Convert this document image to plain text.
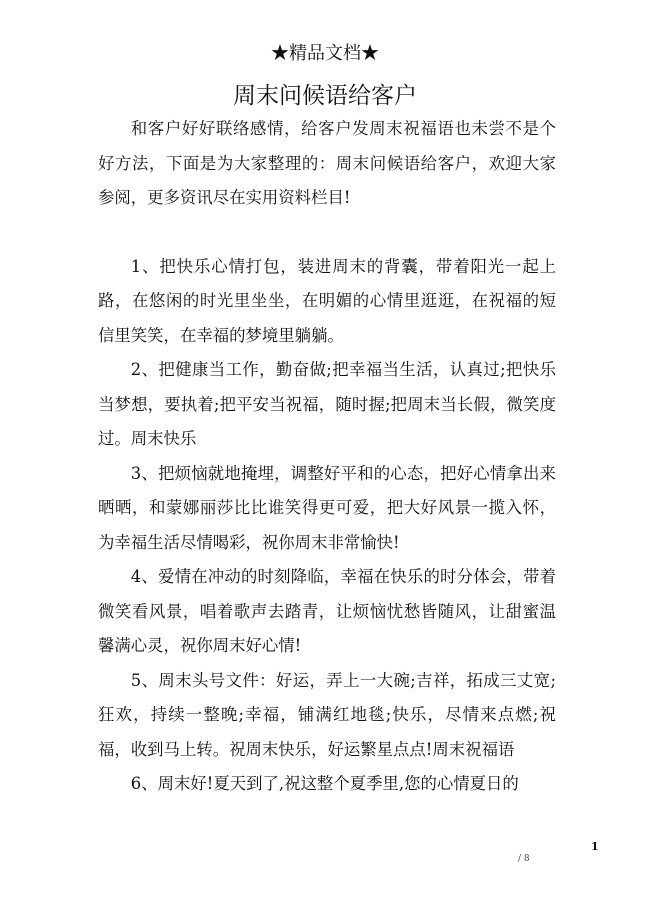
★精品文档★
周末问候语给客户

和客户好好联络感情，给客户发周末祝福语也未尝不是个好方法，下面是为大家整理的：周末问候语给客户，欢迎大家参阅，更多资讯尽在实用资料栏目!

1、把快乐心情打包，装进周末的背囊，带着阳光一起上路，在悠闲的时光里坐坐，在明媚的心情里逛逛，在祝福的短信里笑笑，在幸福的梦境里躺躺。

2、把健康当工作，勤奋做;把幸福当生活，认真过;把快乐当梦想，要执着;把平安当祝福，随时握;把周末当长假，微笑度过。周末快乐

3、把烦恼就地掩埋，调整好平和的心态，把好心情拿出来晒晒，和蒙娜丽莎比比谁笑得更可爱，把大好风景一揽入怀，为幸福生活尽情喝彩，祝你周末非常愉快!

4、爱情在冲动的时刻降临，幸福在快乐的时分体会，带着微笑看风景，唱着歌声去踏青，让烦恼忧愁皆随风，让甜蜜温馨满心灵，祝你周末好心情!

5、周末头号文件：好运，弄上一大碗;吉祥，拓成三丈宽;狂欢，持续一整晚;幸福，铺满红地毯;快乐，尽情来点燃;祝福，收到马上转。祝周末快乐，好运繁星点点!周末祝福语

6、周末好!夏天到了,祝这整个夏季里,您的心情夏日的

1
/ 8
